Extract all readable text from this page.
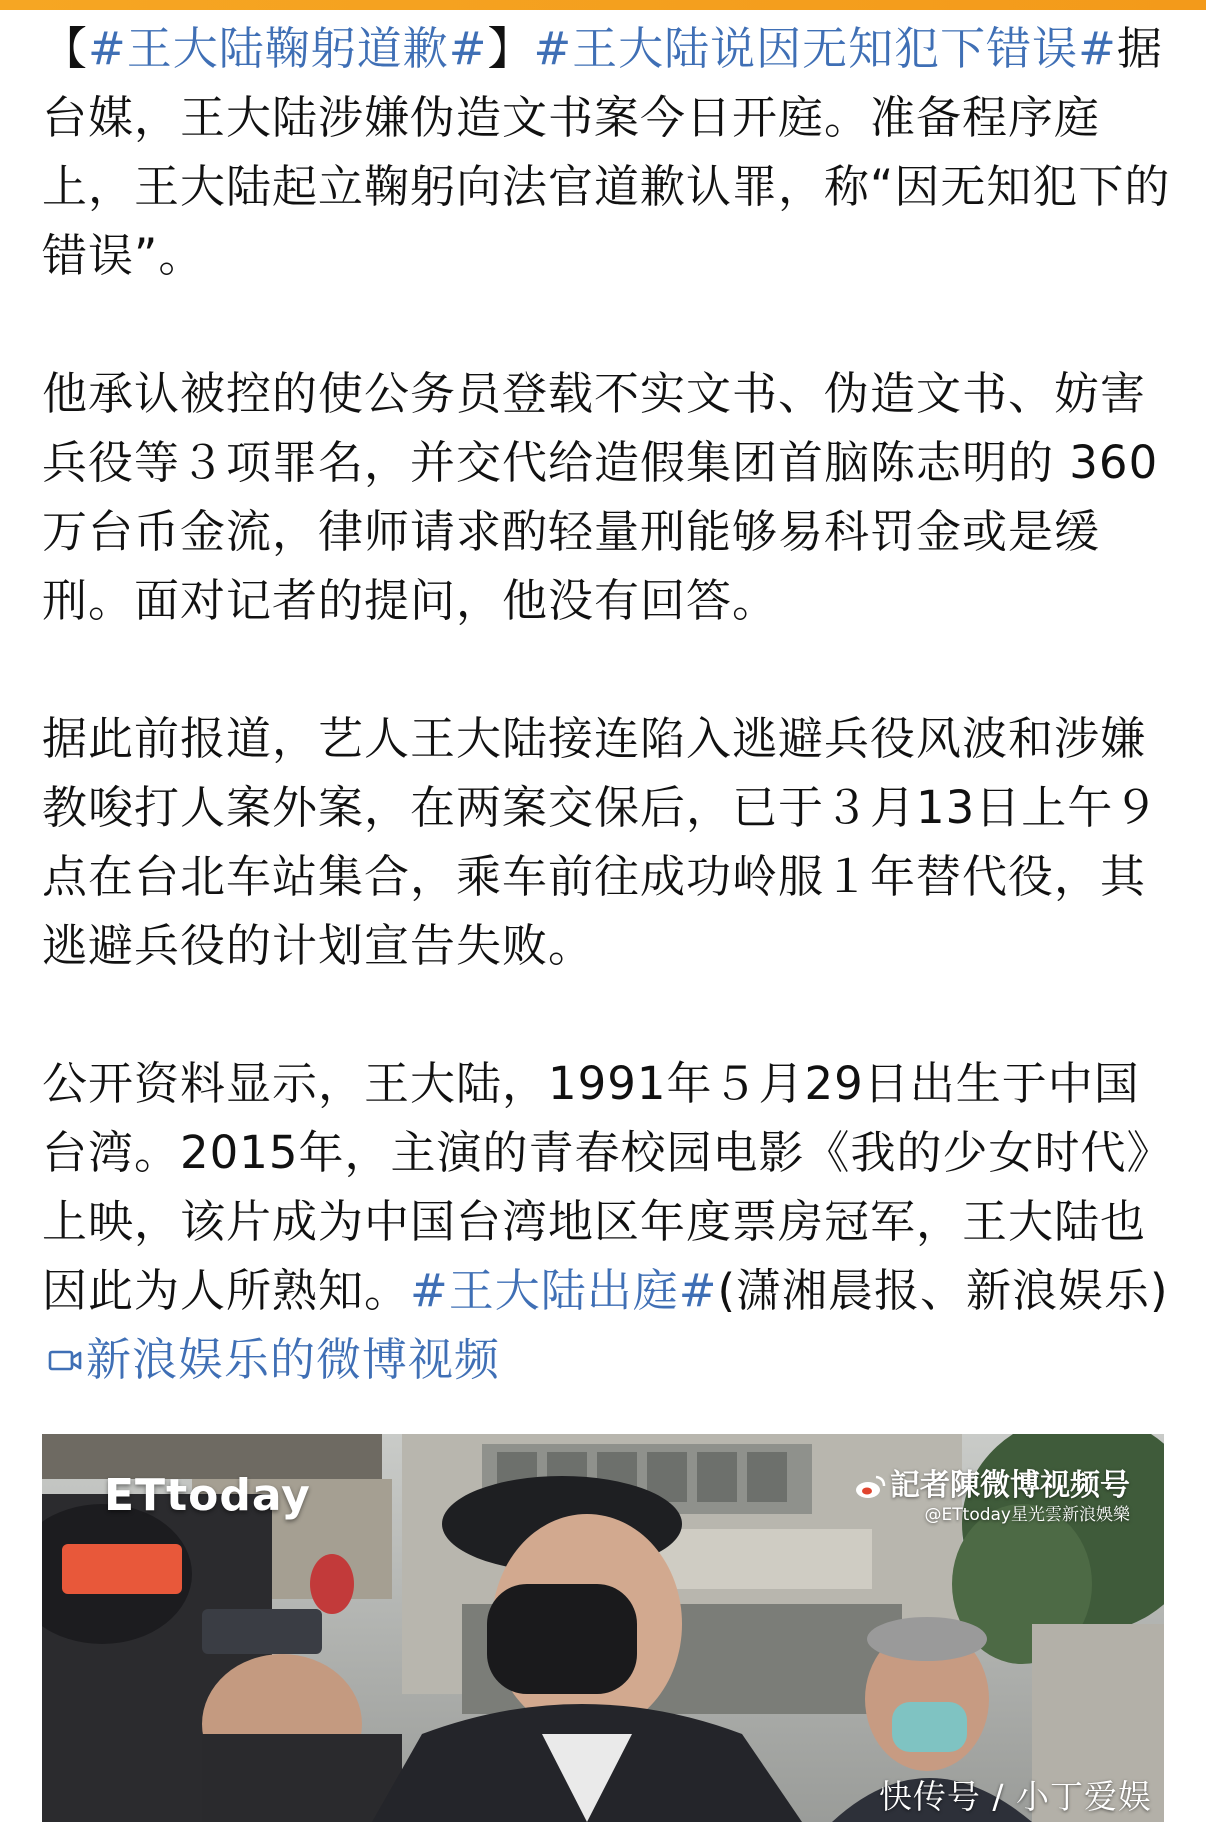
【#王大陆鞠躬道歉#】#王大陆说因无知犯下错误#据台媒，王大陆涉嫌伪造文书案今日开庭。准备程序庭上，王大陆起立鞠躬向法官道歉认罪，称“因无知犯下的错误”。

他承认被控的使公务员登载不实文书、伪造文书、妨害兵役等３项罪名，并交代给造假集团首脑陈志明的 360万台币金流，律师请求酌轻量刑能够易科罚金或是缓刑。面对记者的提问，他没有回答。

据此前报道，艺人王大陆接连陷入逃避兵役风波和涉嫌教唆打人案外案，在两案交保后，已于３月13日上午９点在台北车站集合，乘车前往成功岭服１年替代役，其逃避兵役的计划宣告失败。

公开资料显示，王大陆，1991年５月29日出生于中国台湾。2015年，主演的青春校园电影《我的少女时代》上映，该片成为中国台湾地区年度票房冠军，王大陆也因此为人所熟知。#王大陆出庭#(潇湘晨报、新浪娱乐)新浪娱乐的微博视频

ETtoday	記者陳微博视频号
@ETtoday星光雲新浪娛樂
快传号 / 小丁爱娱
